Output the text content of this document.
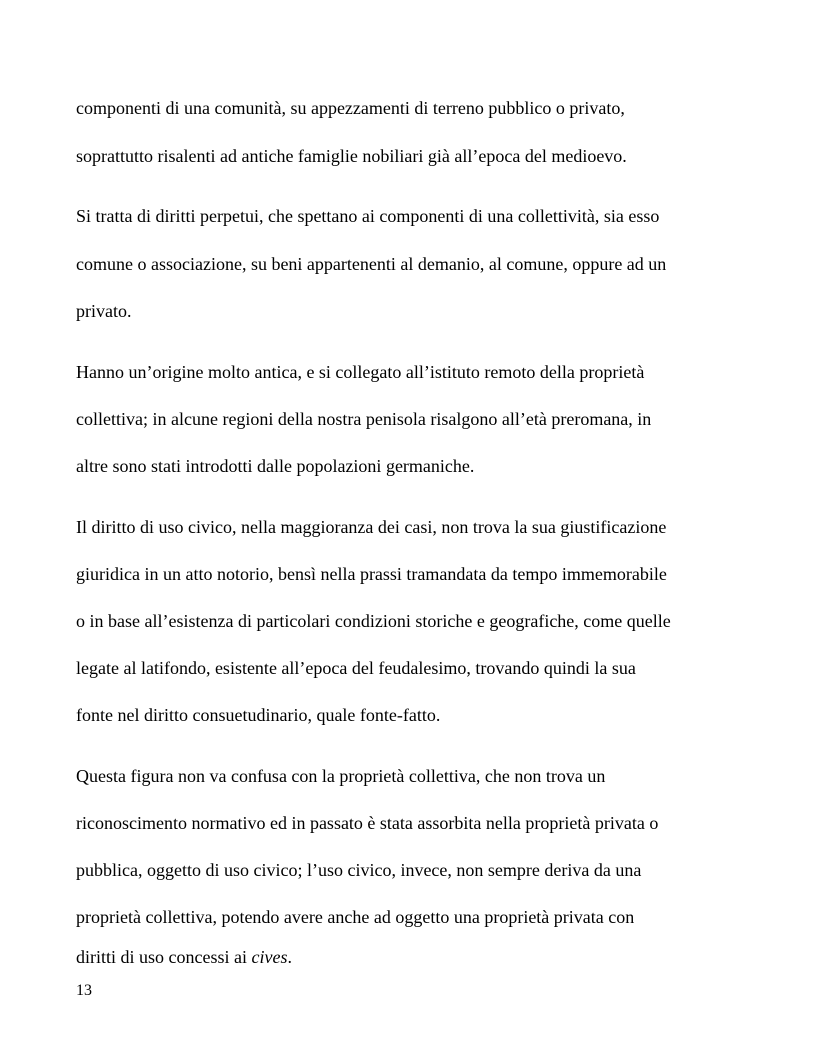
componenti di una comunità, su appezzamenti di terreno pubblico o privato,
soprattutto risalenti ad antiche famiglie nobiliari già all’epoca del medioevo.
Si tratta di diritti perpetui, che spettano ai componenti di una collettività, sia esso
comune o associazione, su beni appartenenti al demanio, al comune, oppure ad un
privato.
Hanno un’origine molto antica, e si collegato all’istituto remoto della proprietà
collettiva; in alcune regioni della nostra penisola risalgono all’età preromana, in
altre sono stati introdotti dalle popolazioni germaniche.
Il diritto di uso civico, nella maggioranza dei casi, non trova la sua giustificazione
giuridica in un atto notorio, bensì nella prassi tramandata da tempo immemorabile
o in base all’esistenza di particolari condizioni storiche e geografiche, come quelle
legate al latifondo, esistente all’epoca del feudalesimo, trovando quindi la sua
fonte nel diritto consuetudinario, quale fonte-fatto.
Questa figura non va confusa con la proprietà collettiva, che non trova un
riconoscimento normativo ed in passato è stata assorbita nella proprietà privata o
pubblica, oggetto di uso civico; l’uso civico, invece, non sempre deriva da una
proprietà collettiva, potendo avere anche ad oggetto una proprietà privata con
diritti di uso concessi ai cives.
13
